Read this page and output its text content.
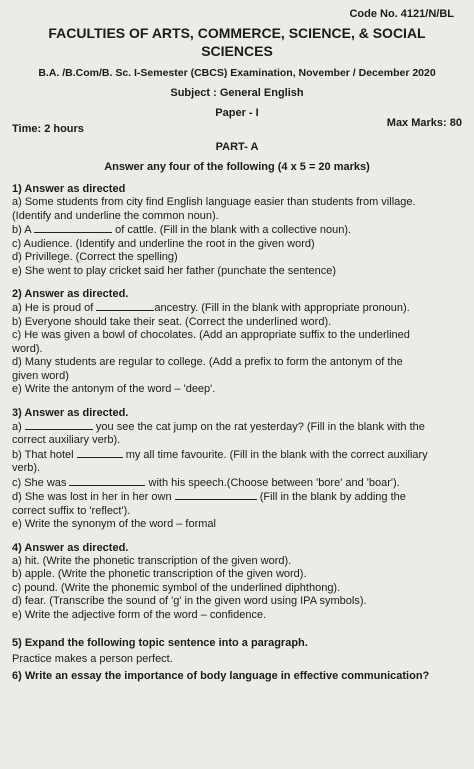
Code No. 4121/N/BL
FACULTIES OF ARTS, COMMERCE, SCIENCE, & SOCIAL
SCIENCES
B.A. /B.Com/B. Sc. I-Semester (CBCS) Examination, November / December 2020
Subject : General English
Paper - I
Time: 2 hours	Max Marks: 80
PART- A
Answer any four of the following (4 x 5 = 20 marks)
1) Answer as directed
a) Some students from city find English language easier than students from village.
(Identify and underline the common noun).
b) A	of cattle. (Fill in the blank with a collective noun).
c) Audience. (Identify and underline the root in the given word)
d) Privillege. (Correct the spelling)
e) She went to play cricket said her father (punchate the sentence)
2) Answer as directed.
a) He is proud of	ancestry. (Fill in the blank with appropriate pronoun).
b) Everyone should take their seat. (Correct the underlined word).
c) He was given a bowl of chocolates. (Add an appropriate suffix to the underlined
word).
d) Many students are regular to college. (Add a prefix to form the antonym of the
given word)
e) Write the antonym of the word – 'deep'.
3) Answer as directed.
a)	you see the cat jump on the rat yesterday? (Fill in the blank with the
correct auxiliary verb).
b) That hotel	my all time favourite. (Fill in the blank with the correct auxiliary
verb).
c) She was	with his speech.(Choose between 'bore' and 'boar').
d) She was lost in her in her own	(Fill in the blank by adding the
correct suffix to 'reflect').
e) Write the synonym of the word – formal
4) Answer as directed.
a) hit. (Write the phonetic transcription of the given word).
b) apple. (Write the phonetic transcription of the given word).
c) pound. (Write the phonemic symbol of the underlined diphthong).
d) fear. (Transcribe the sound of 'g' in the given word using IPA symbols).
e) Write the adjective form of the word – confidence.
5) Expand the following topic sentence into a paragraph.
Practice makes a person perfect.
6) Write an essay the importance of body language in effective communication?
